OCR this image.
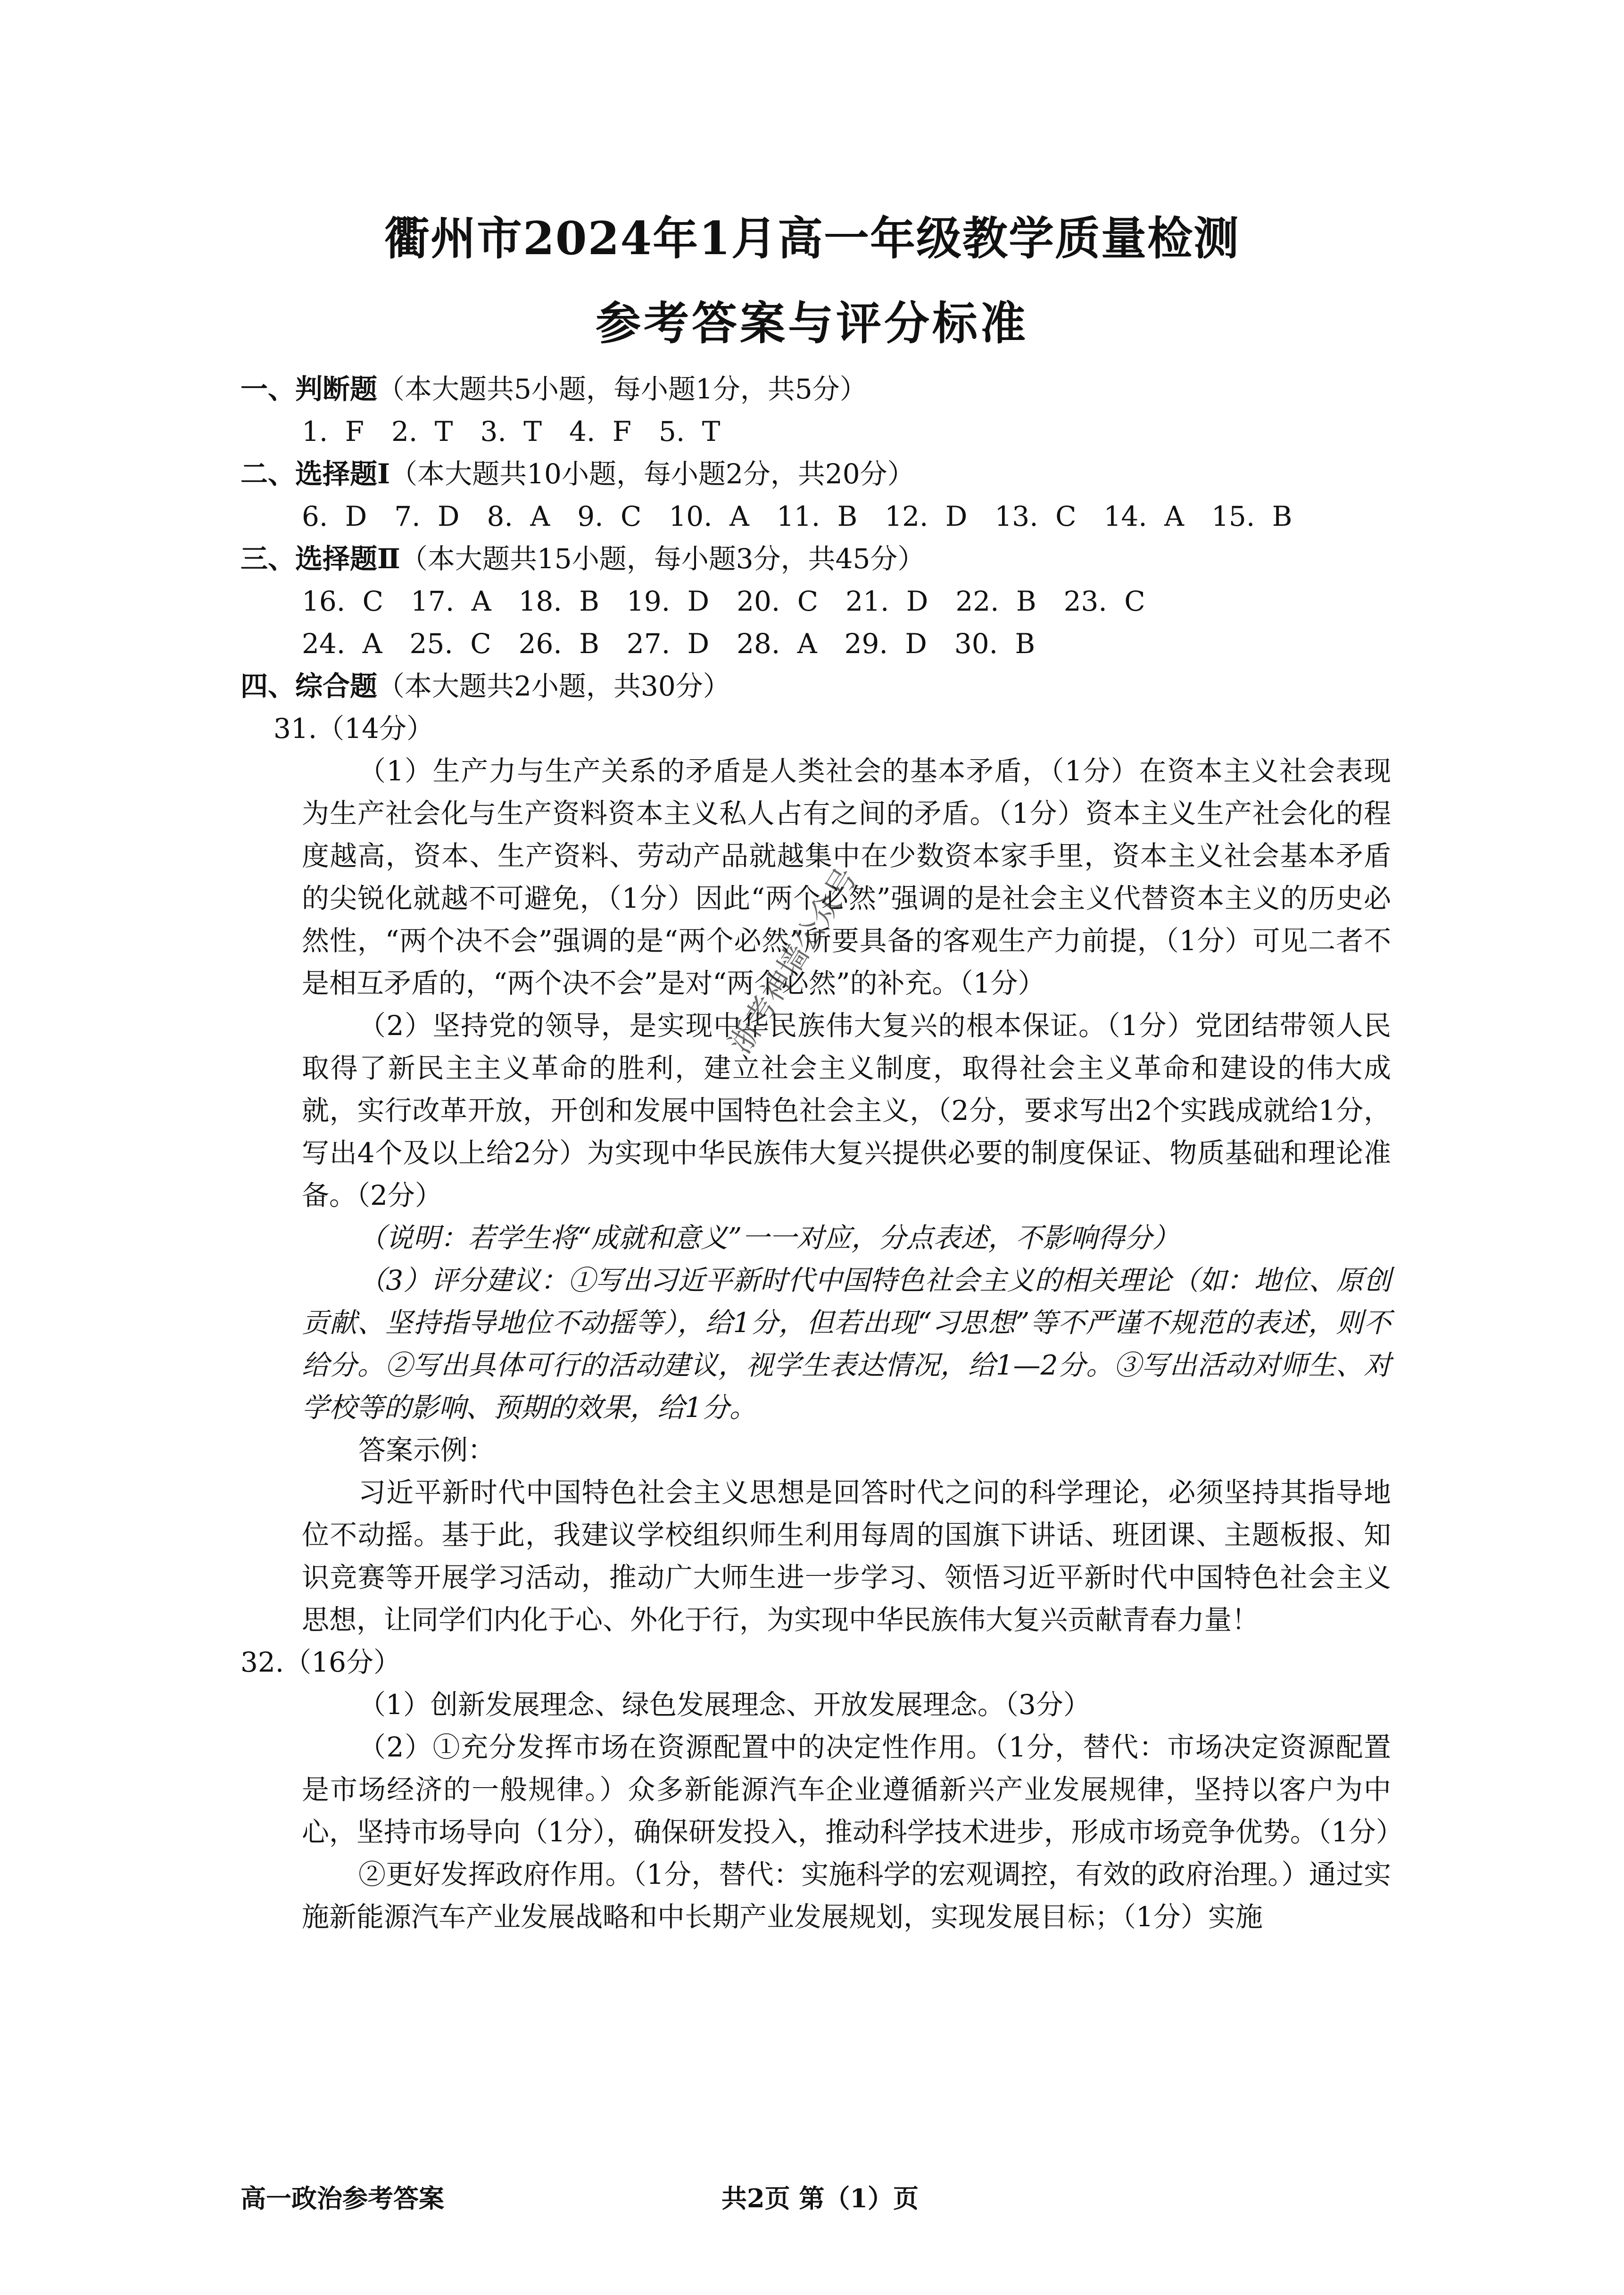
衢州市2024年1月高一年级教学质量检测
参考答案与评分标准
一、判断题（本大题共5小题，每小题1分，共5分）
1. F　2. T　3. T　4. F　5. T
二、选择题Ⅰ（本大题共10小题，每小题2分，共20分）
6. D　7. D　8. A　9. C　10. A　11. B　12. D　13. C　14. A　15. B
三、选择题Ⅱ（本大题共15小题，每小题3分，共45分）
16. C　17. A　18. B　19. D　20. C　21. D　22. B　23. C
24. A　25. C　26. B　27. D　28. A　29. D　30. B
四、综合题（本大题共2小题，共30分）
31.（14分）

（1）生产力与生产关系的矛盾是人类社会的基本矛盾，（1分）在资本主义社会表现为生产社会化与生产资料资本主义私人占有之间的矛盾。（1分）资本主义生产社会化的程度越高，资本、生产资料、劳动产品就越集中在少数资本家手里，资本主义社会基本矛盾的尖锐化就越不可避免，（1分）因此“两个必然”强调的是社会主义代替资本主义的历史必然性，“两个决不会”强调的是“两个必然”所要具备的客观生产力前提，（1分）可见二者不是相互矛盾的，“两个决不会”是对“两个必然”的补充。（1分）

（2）坚持党的领导，是实现中华民族伟大复兴的根本保证。（1分）党团结带领人民取得了新民主主义革命的胜利，建立社会主义制度，取得社会主义革命和建设的伟大成就，实行改革开放，开创和发展中国特色社会主义，（2分，要求写出2个实践成就给1分，写出4个及以上给2分）为实现中华民族伟大复兴提供必要的制度保证、物质基础和理论准备。（2分）

（说明：若学生将“成就和意义”一一对应，分点表述，不影响得分）

（3）评分建议：①写出习近平新时代中国特色社会主义的相关理论（如：地位、原创贡献、坚持指导地位不动摇等），给1分，但若出现“习思想”等不严谨不规范的表述，则不给分。②写出具体可行的活动建议，视学生表达情况，给1—2分。③写出活动对师生、对学校等的影响、预期的效果，给1分。

答案示例：

习近平新时代中国特色社会主义思想是回答时代之问的科学理论，必须坚持其指导地位不动摇。基于此，我建议学校组织师生利用每周的国旗下讲话、班团课、主题板报、知识竞赛等开展学习活动，推动广大师生进一步学习、领悟习近平新时代中国特色社会主义思想，让同学们内化于心、外化于行，为实现中华民族伟大复兴贡献青春力量！

32.（16分）

（1）创新发展理念、绿色发展理念、开放发展理念。（3分）

（2）①充分发挥市场在资源配置中的决定性作用。（1分，替代：市场决定资源配置是市场经济的一般规律。）众多新能源汽车企业遵循新兴产业发展规律，坚持以客户为中心，坚持市场导向（1分），确保研发投入，推动科学技术进步，形成市场竞争优势。（1分）

②更好发挥政府作用。（1分，替代：实施科学的宏观调控，有效的政府治理。）通过实施新能源汽车产业发展战略和中长期产业发展规划，实现发展目标；（1分）实施

浙考神墙公众号
高一政治参考答案	共2页 第（1）页
